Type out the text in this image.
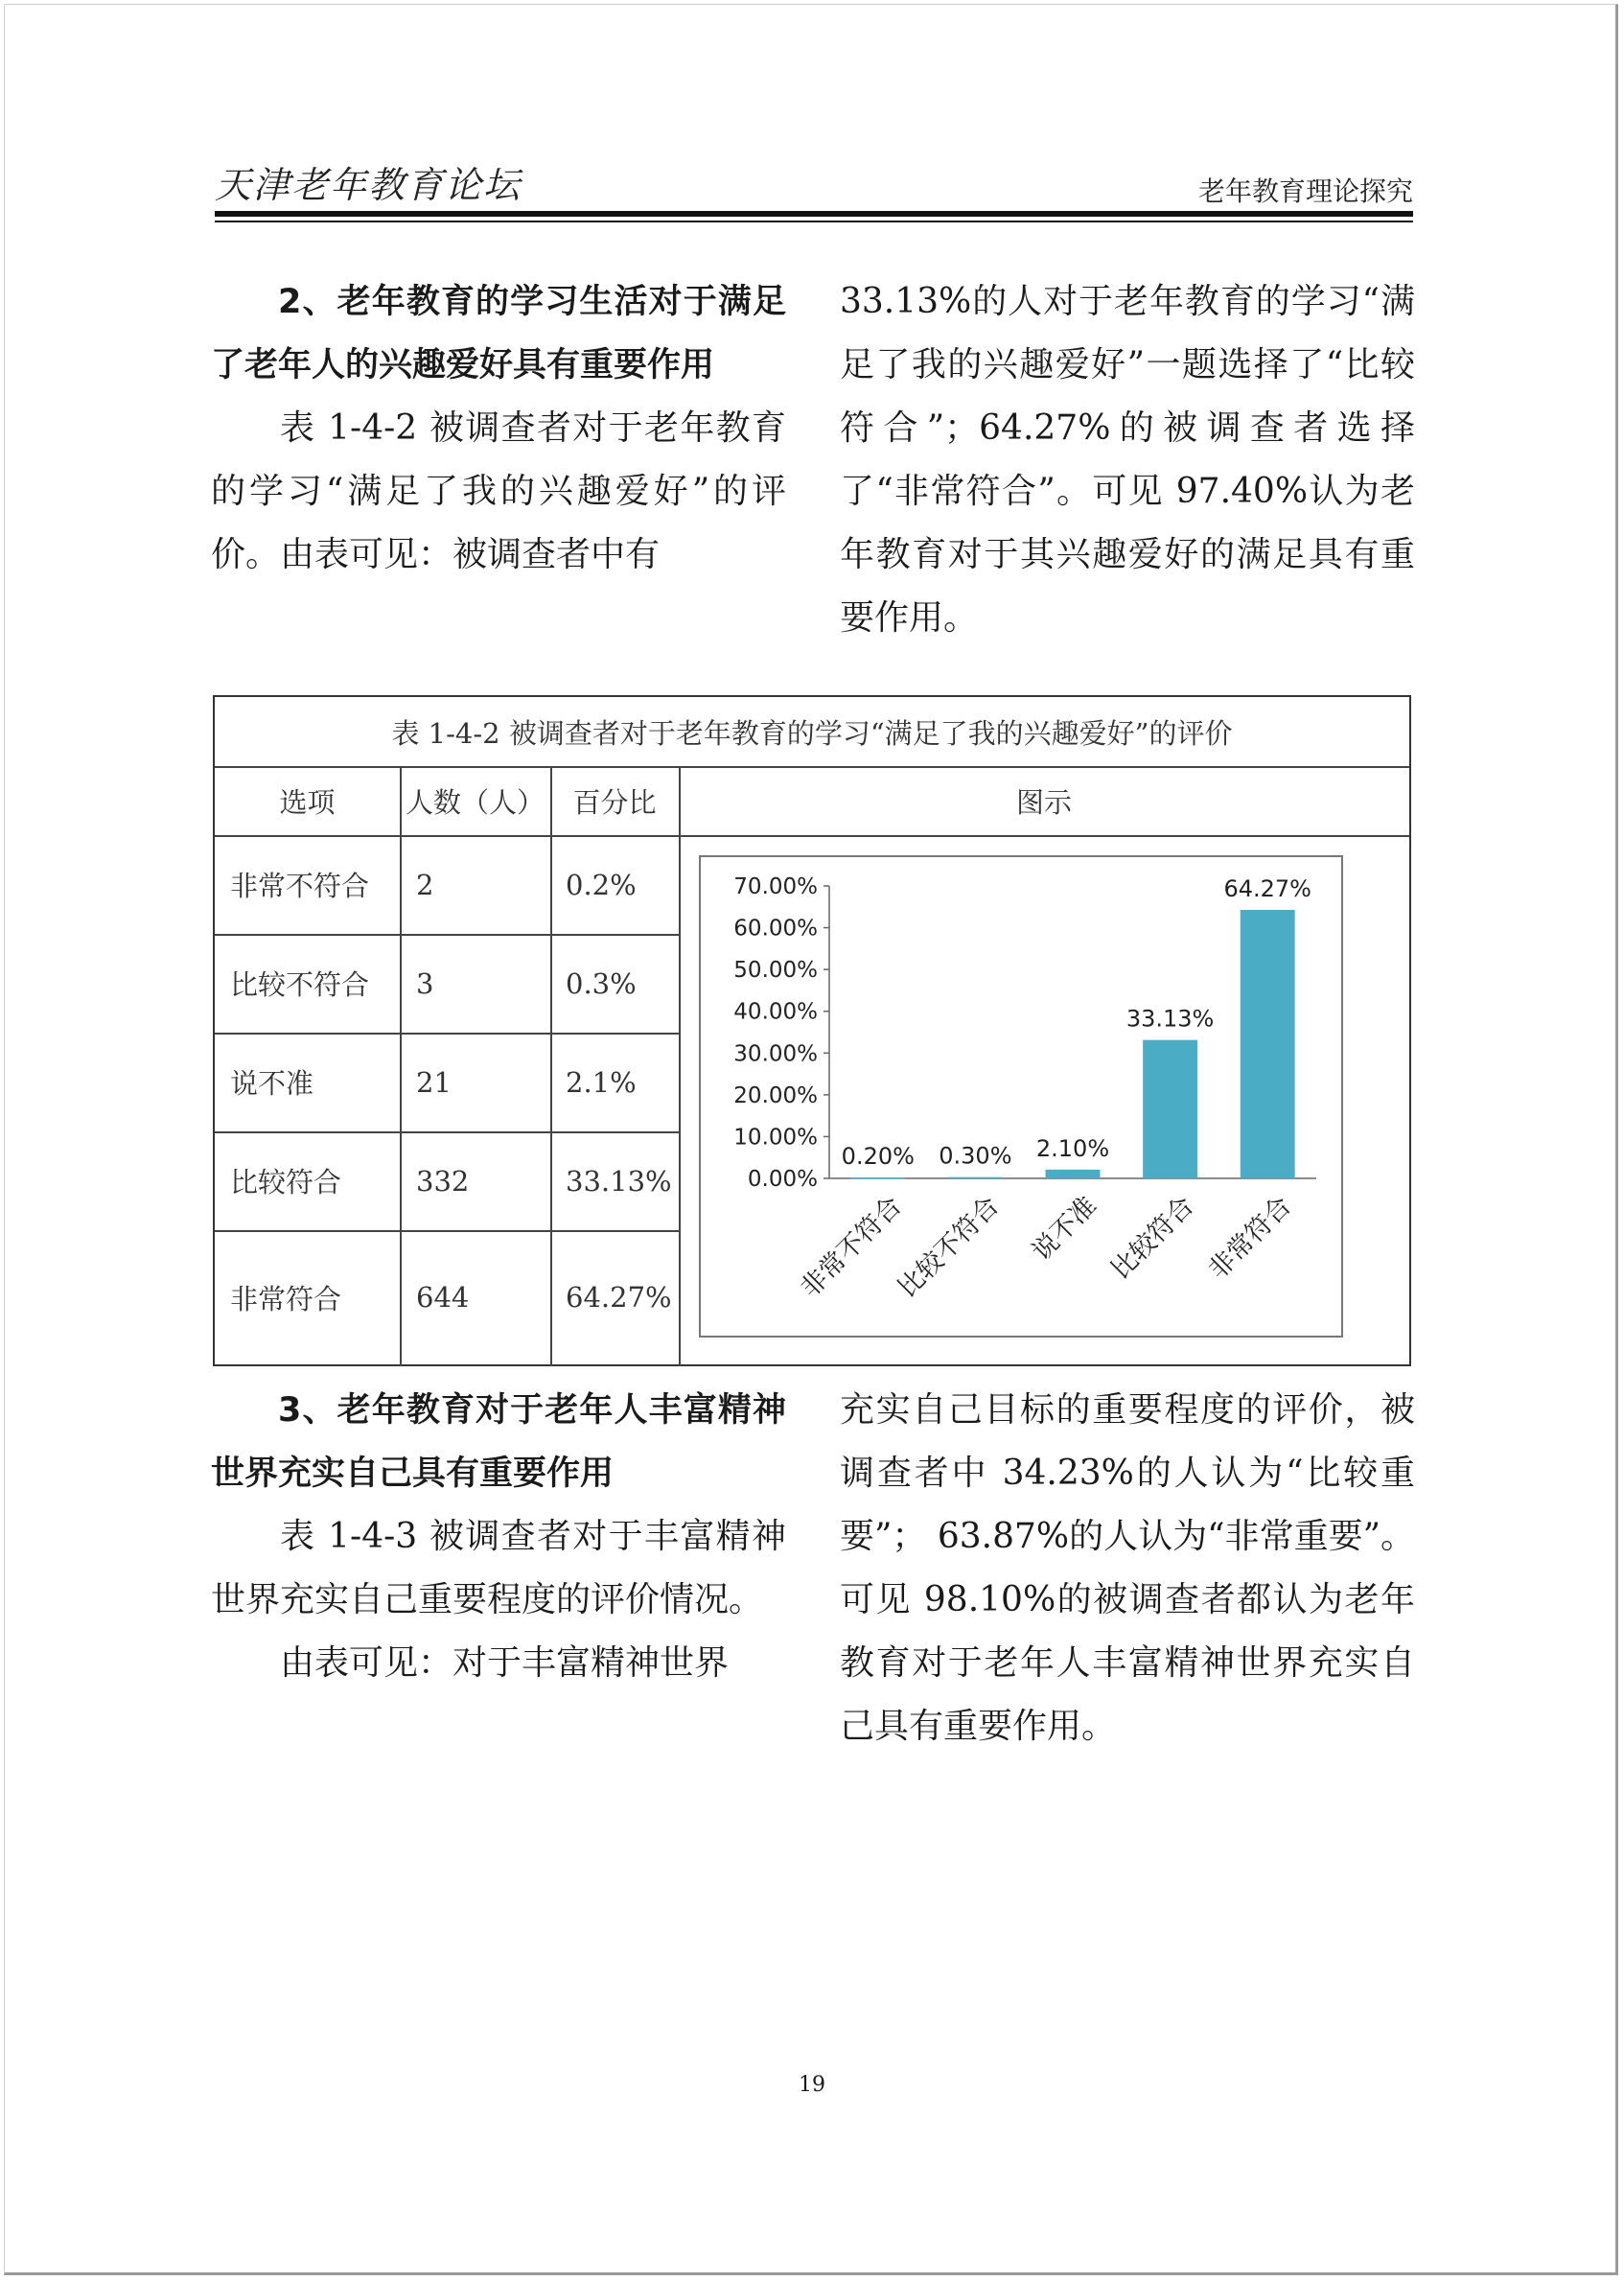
天津老年教育论坛	老年教育理论探究

2、老年教育的学习生活对于满足了老年人的兴趣爱好具有重要作用

表 1-4-2 被调查者对于老年教育的学习“满足了我的兴趣爱好”的评价。由表可见：被调查者中有

33.13%的人对于老年教育的学习“满足了我的兴趣爱好”一题选择了“比较符合”；64.27%的被调查者选择了“非常符合”。可见 97.40%认为老年教育对于其兴趣爱好的满足具有重要作用。

表 1-4-2 被调查者对于老年教育的学习“满足了我的兴趣爱好”的评价
选项	人数（人）	百分比	图示
非常不符合	2	0.2%
比较不符合	3	0.3%
说不准	21	2.1%
比较符合	332	33.13%
非常符合	644	64.27%
0.00%
10.00%
20.00%
30.00%
40.00%
50.00%
60.00%
70.00%
0.20%
非常不符合
0.30%
比较不符合
2.10%
说不准
33.13%
比较符合
64.27%
非常符合

3、老年教育对于老年人丰富精神世界充实自己具有重要作用

表 1-4-3 被调查者对于丰富精神世界充实自己重要程度的评价情况。

由表可见：对于丰富精神世界

充实自己目标的重要程度的评价，被调查者中 34.23%的人认为“比较重要”； 63.87%的人认为“非常重要”。可见 98.10%的被调查者都认为老年教育对于老年人丰富精神世界充实自己具有重要作用。

19
